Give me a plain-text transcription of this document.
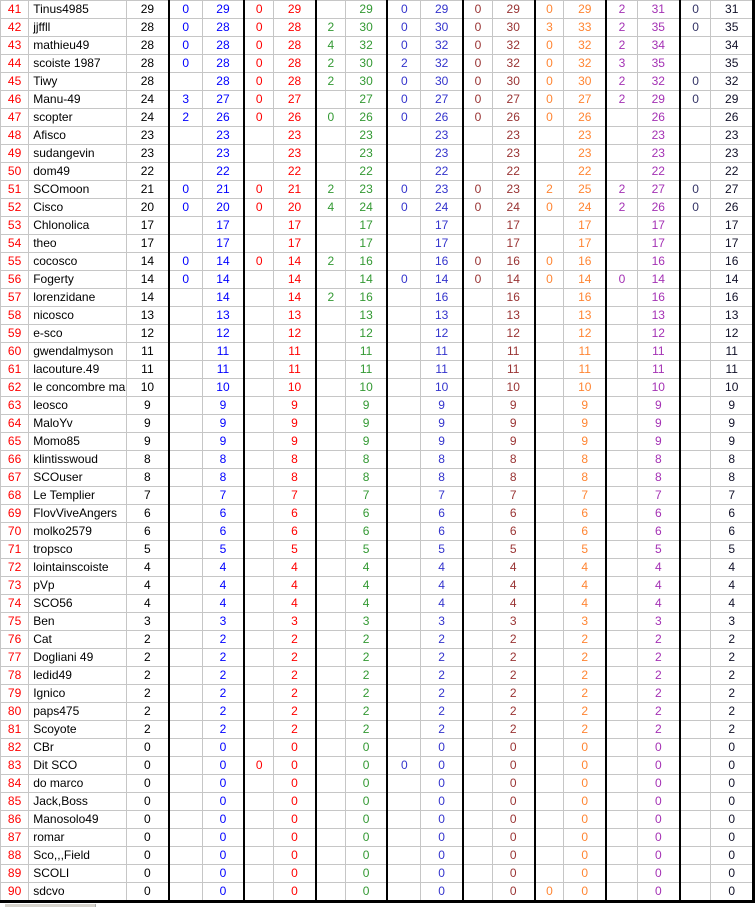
41	Tinus4985	29	0	29	0	29		29	0	29	0	29	0	29	2	31	0	31
42	jjffll	28	0	28	0	28	2	30	0	30	0	30	3	33	2	35	0	35
43	mathieu49	28	0	28	0	28	4	32	0	32	0	32	0	32	2	34		34
44	scoiste 1987	28	0	28	0	28	2	30	2	32	0	32	0	32	3	35		35
45	Tiwy	28		28	0	28	2	30	0	30	0	30	0	30	2	32	0	32
46	Manu-49	24	3	27	0	27		27	0	27	0	27	0	27	2	29	0	29
47	scopter	24	2	26	0	26	0	26	0	26	0	26	0	26		26		26
48	Afisco	23		23		23		23		23		23		23		23		23
49	sudangevin	23		23		23		23		23		23		23		23		23
50	dom49	22		22		22		22		22		22		22		22		22
51	SCOmoon	21	0	21	0	21	2	23	0	23	0	23	2	25	2	27	0	27
52	Cisco	20	0	20	0	20	4	24	0	24	0	24	0	24	2	26	0	26
53	Chlonolica	17		17		17		17		17		17		17		17		17
54	theo	17		17		17		17		17		17		17		17		17
55	cocosco	14	0	14	0	14	2	16		16	0	16	0	16		16		16
56	Fogerty	14	0	14		14		14	0	14	0	14	0	14	0	14		14
57	lorenzidane	14		14		14	2	16		16		16		16		16		16
58	nicosco	13		13		13		13		13		13		13		13		13
59	e-sco	12		12		12		12		12		12		12		12		12
60	gwendalmyson	11		11		11		11		11		11		11		11		11
61	lacouture.49	11		11		11		11		11		11		11		11		11
62	le concombre ma	10		10		10		10		10		10		10		10		10
63	leosco	9		9		9		9		9		9		9		9		9
64	MaloYv	9		9		9		9		9		9		9		9		9
65	Momo85	9		9		9		9		9		9		9		9		9
66	klintisswoud	8		8		8		8		8		8		8		8		8
67	SCOuser	8		8		8		8		8		8		8		8		8
68	Le Templier	7		7		7		7		7		7		7		7		7
69	FlovViveAngers	6		6		6		6		6		6		6		6		6
70	molko2579	6		6		6		6		6		6		6		6		6
71	tropsco	5		5		5		5		5		5		5		5		5
72	lointainscoiste	4		4		4		4		4		4		4		4		4
73	pVp	4		4		4		4		4		4		4		4		4
74	SCO56	4		4		4		4		4		4		4		4		4
75	Ben	3		3		3		3		3		3		3		3		3
76	Cat	2		2		2		2		2		2		2		2		2
77	Dogliani 49	2		2		2		2		2		2		2		2		2
78	ledid49	2		2		2		2		2		2		2		2		2
79	Ignico	2		2		2		2		2		2		2		2		2
80	paps475	2		2		2		2		2		2		2		2		2
81	Scoyote	2		2		2		2		2		2		2		2		2
82	CBr	0		0		0		0		0		0		0		0		0
83	Dit SCO	0		0	0	0		0	0	0		0		0		0		0
84	do marco	0		0		0		0		0		0		0		0		0
85	Jack,Boss	0		0		0		0		0		0		0		0		0
86	Manosolo49	0		0		0		0		0		0		0		0		0
87	romar	0		0		0		0		0		0		0		0		0
88	Sco,,,Field	0		0		0		0		0		0		0		0		0
89	SCOLI	0		0		0		0		0		0		0		0		0
90	sdcvo	0		0		0		0		0		0	0	0		0		0
